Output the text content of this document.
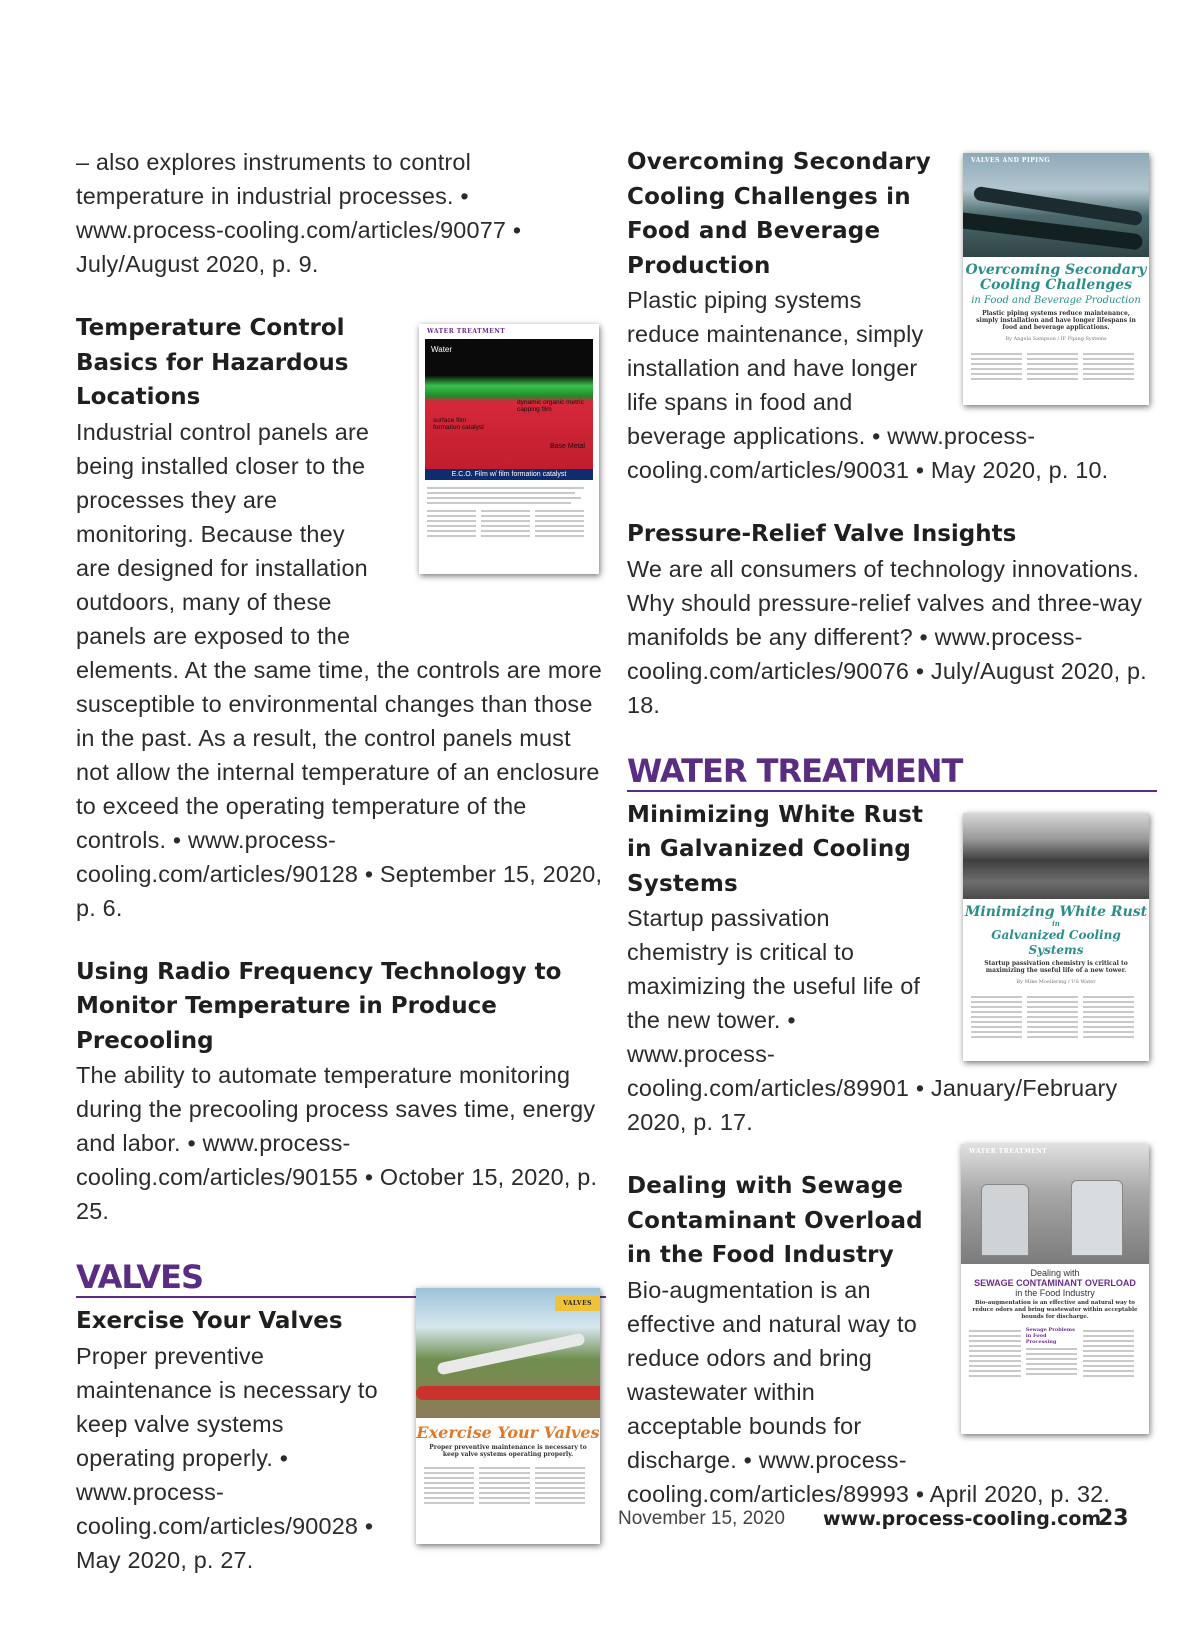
– also explores instruments to control temperature in industrial processes. • www.process-cooling.com/articles/90077 • July/August 2020, p. 9.

Temperature Control Basics for Hazardous Locations

Industrial control panels are being installed closer to the processes they are monitoring. Because they are designed for installation outdoors, many of these panels are exposed to the elements. At the same time, the controls are more susceptible to environmental changes than those in the past. As a result, the control panels must not allow the internal temperature of an enclosure to exceed the operating temperature of the controls. • www.process-cooling.com/articles/90128 • September 15, 2020, p. 6.

Using Radio Frequency Technology to Monitor Temperature in Produce Precooling

The ability to automate temperature monitoring during the precooling process saves time, energy and labor. • www.process-cooling.com/articles/90155 • October 15, 2020, p. 25.

VALVES
Exercise Your Valves

Proper preventive maintenance is necessary to keep valve systems operating properly. • www.process-cooling.com/articles/90028 • May 2020, p. 27.

Overcoming Secondary Cooling Challenges in Food and Beverage Production
Plastic piping systems reduce maintenance, simply installation and have longer life spans in food and beverage applications. • www.process-cooling.com/articles/90031 • May 2020, p. 10.

Pressure-Relief Valve Insights

We are all consumers of technology innovations. Why should pressure-relief valves and three-way manifolds be any different? • www.process-cooling.com/articles/90076 • July/August 2020, p. 18.

WATER TREATMENT

Minimizing White Rust in Galvanized Cooling Systems
Startup passivation chemistry is critical to maximizing the useful life of the new tower. • www.process-cooling.com/articles/89901 • January/February 2020, p. 17.

Dealing with Sewage Contaminant Overload in the Food Industry
Bio-augmentation is an effective and natural way to reduce odors and bring wastewater within acceptable bounds for discharge. • www.process-cooling.com/articles/89993 • April 2020, p. 32.

WATER TREATMENT
Water
dynamic organic metric capping film
surface film formation catalyst
Base Metal
E.C.O. Film w/ film formation catalyst
VALVES AND PIPING
Overcoming Secondary
Cooling Challenges
in Food and Beverage Production
Plastic piping systems reduce maintenance, simply installation and have longer lifespans in food and beverage applications.
By Angela Sampson / IF Piping Systems
Minimizing White Rust
in
Galvanized Cooling Systems
Startup passivation chemistry is critical to maximizing the useful life of a new tower.
By Mike Moellering / US Water
VALVES
Exercise Your Valves
Proper preventive maintenance is necessary to keep valve systems operating properly.
WATER TREATMENT
Dealing with
SEWAGE CONTAMINANT OVERLOAD
in the Food Industry
Bio-augmentation is an effective and natural way to reduce odors and bring wastewater within acceptable bounds for discharge.
Sewage Problems in Food Processing
November 15, 2020 www.process-cooling.com
23
